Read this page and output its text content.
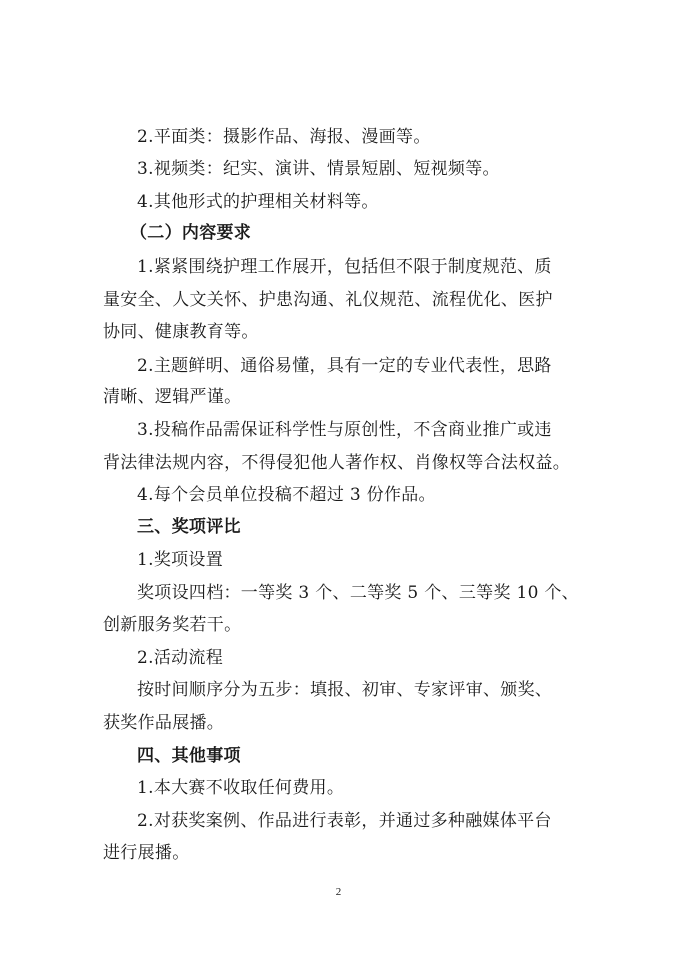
2.平面类：摄影作品、海报、漫画等。
3.视频类：纪实、演讲、情景短剧、短视频等。
4.其他形式的护理相关材料等。
（二）内容要求
1.紧紧围绕护理工作展开，包括但不限于制度规范、质
量安全、人文关怀、护患沟通、礼仪规范、流程优化、医护
协同、健康教育等。
2.主题鲜明、通俗易懂，具有一定的专业代表性，思路
清晰、逻辑严谨。
3.投稿作品需保证科学性与原创性，不含商业推广或违
背法律法规内容，不得侵犯他人著作权、肖像权等合法权益。
4.每个会员单位投稿不超过 3 份作品。
三、奖项评比
1.奖项设置
奖项设四档：一等奖 3 个、二等奖 5 个、三等奖 10 个、
创新服务奖若干。
2.活动流程
按时间顺序分为五步：填报、初审、专家评审、颁奖、
获奖作品展播。
四、其他事项
1.本大赛不收取任何费用。
2.对获奖案例、作品进行表彰，并通过多种融媒体平台
进行展播。
2
